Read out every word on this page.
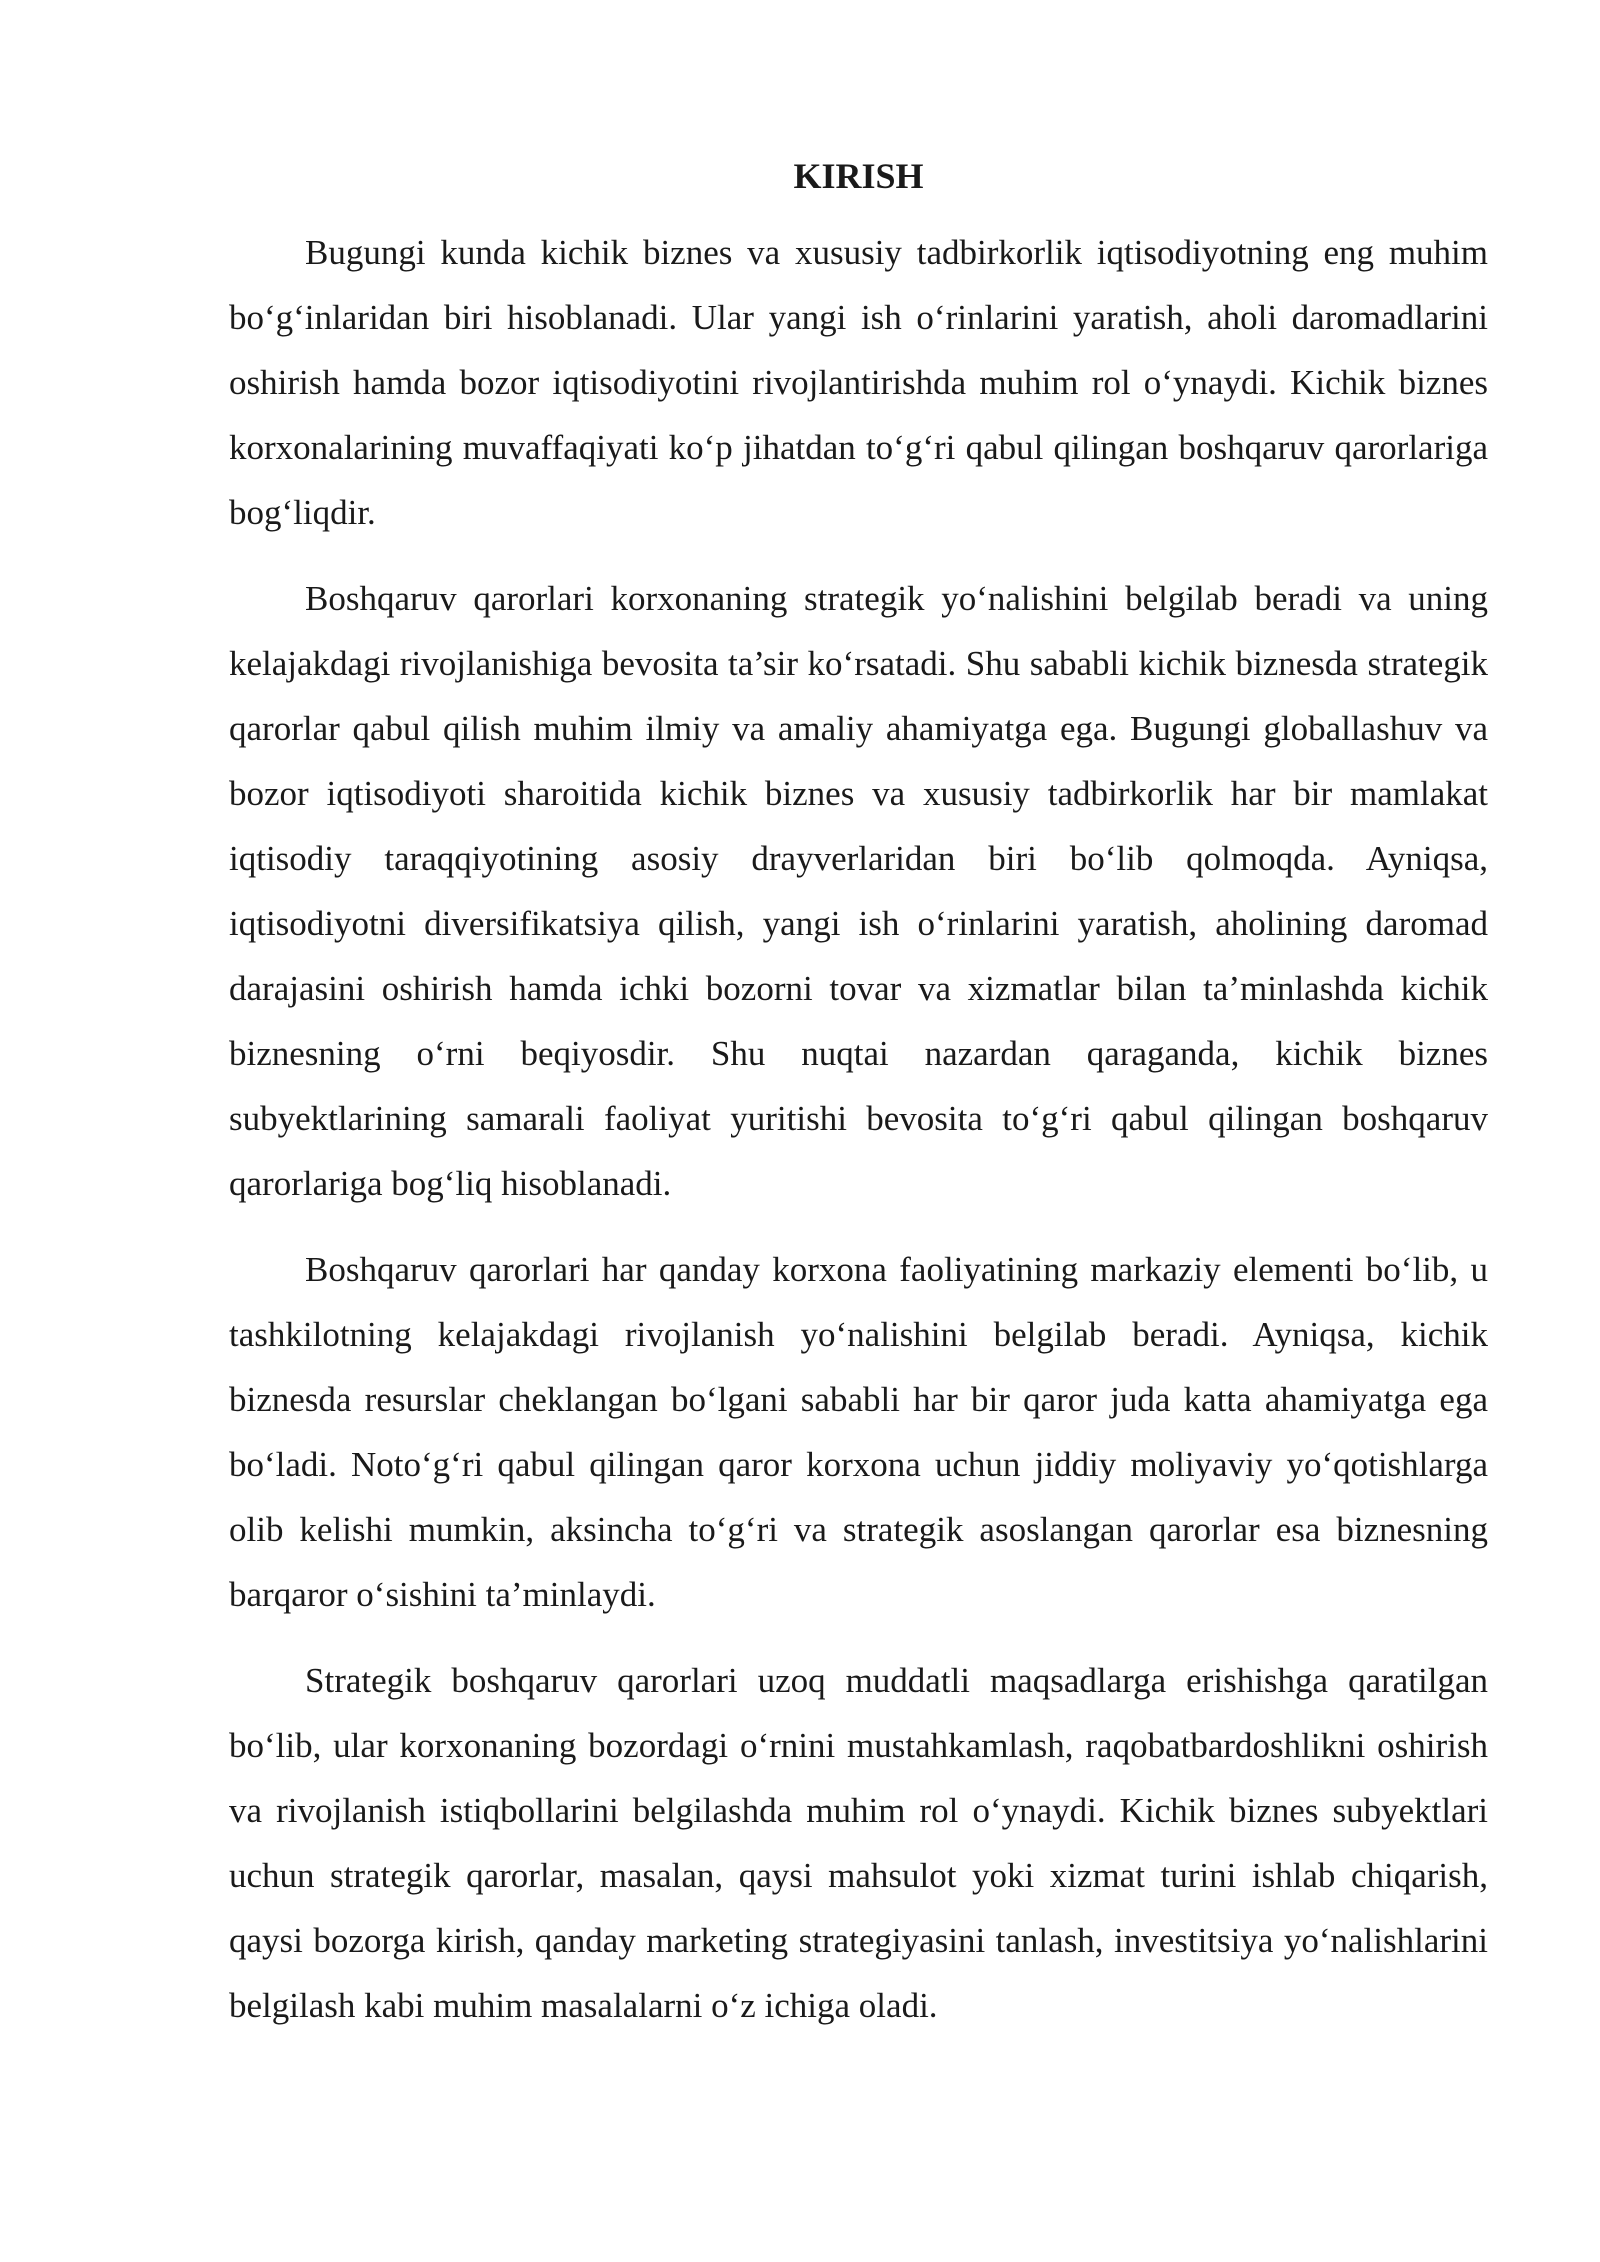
KIRISH

Bugungi kunda kichik biznes va xususiy tadbirkorlik iqtisodiyotning eng muhim bo‘g‘inlaridan biri hisoblanadi. Ular yangi ish o‘rinlarini yaratish, aholi daromadlarini oshirish hamda bozor iqtisodiyotini rivojlantirishda muhim rol o‘ynaydi. Kichik biznes korxonalarining muvaffaqiyati ko‘p jihatdan to‘g‘ri qabul qilingan boshqaruv qarorlariga bog‘liqdir.

Boshqaruv qarorlari korxonaning strategik yo‘nalishini belgilab beradi va uning kelajakdagi rivojlanishiga bevosita ta’sir ko‘rsatadi. Shu sababli kichik biznesda strategik qarorlar qabul qilish muhim ilmiy va amaliy ahamiyatga ega. Bugungi globallashuv va bozor iqtisodiyoti sharoitida kichik biznes va xususiy tadbirkorlik har bir mamlakat iqtisodiy taraqqiyotining asosiy drayverlaridan biri bo‘lib qolmoqda. Ayniqsa, iqtisodiyotni diversifikatsiya qilish, yangi ish o‘rinlarini yaratish, aholining daromad darajasini oshirish hamda ichki bozorni tovar va xizmatlar bilan ta’minlashda kichik biznesning o‘rni beqiyosdir. Shu nuqtai nazardan qaraganda, kichik biznes subyektlarining samarali faoliyat yuritishi bevosita to‘g‘ri qabul qilingan boshqaruv qarorlariga bog‘liq hisoblanadi.

Boshqaruv qarorlari har qanday korxona faoliyatining markaziy elementi bo‘lib, u tashkilotning kelajakdagi rivojlanish yo‘nalishini belgilab beradi. Ayniqsa, kichik biznesda resurslar cheklangan bo‘lgani sababli har bir qaror juda katta ahamiyatga ega bo‘ladi. Noto‘g‘ri qabul qilingan qaror korxona uchun jiddiy moliyaviy yo‘qotishlarga olib kelishi mumkin, aksincha to‘g‘ri va strategik asoslangan qarorlar esa biznesning barqaror o‘sishini ta’minlaydi.

Strategik boshqaruv qarorlari uzoq muddatli maqsadlarga erishishga qaratilgan bo‘lib, ular korxonaning bozordagi o‘rnini mustahkamlash, raqobatbardoshlikni oshirish va rivojlanish istiqbollarini belgilashda muhim rol o‘ynaydi. Kichik biznes subyektlari uchun strategik qarorlar, masalan, qaysi mahsulot yoki xizmat turini ishlab chiqarish, qaysi bozorga kirish, qanday marketing strategiyasini tanlash, investitsiya yo‘nalishlarini belgilash kabi muhim masalalarni o‘z ichiga oladi.
